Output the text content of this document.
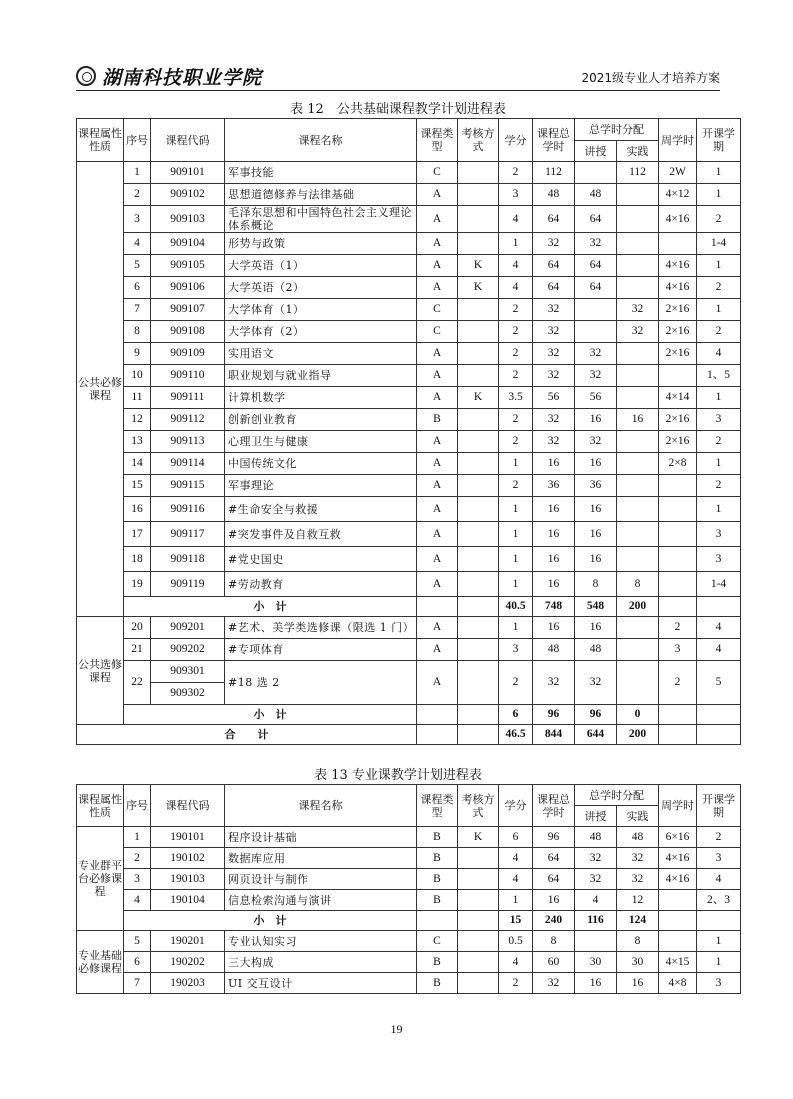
湖南科技职业学院	2021级专业人才培养方案
表 12　公共基础课程教学计划进程表
课程属性性质	序号	课程代码	课程名称	课程类型	考核方式	学分	课程总学时	总学时分配		周学时	开课学期
								讲授	实践		
公共必修课程	1	909101	军事技能	C		2	112		112	2W	1
	2	909102	思想道德修养与法律基础	A		3	48	48		4×12	1
	3	909103	毛泽东思想和中国特色社会主义理论体系概论	A		4	64	64		4×16	2
	4	909104	形势与政策	A		1	32	32			1-4
	5	909105	大学英语（1）	A	K	4	64	64		4×16	1
	6	909106	大学英语（2）	A	K	4	64	64		4×16	2
	7	909107	大学体育（1）	C		2	32		32	2×16	1
	8	909108	大学体育（2）	C		2	32		32	2×16	2
	9	909109	实用语文	A		2	32	32		2×16	4
	10	909110	职业规划与就业指导	A		2	32	32			1、5
	11	909111	计算机数学	A	K	3.5	56	56		4×14	1
	12	909112	创新创业教育	B		2	32	16	16	2×16	3
	13	909113	心理卫生与健康	A		2	32	32		2×16	2
	14	909114	中国传统文化	A		1	16	16		2×8	1
	15	909115	军事理论	A		2	36	36			2
	16	909116	#生命安全与救援	A		1	16	16			1
	17	909117	#突发事件及自救互救	A		1	16	16			3
	18	909118	#党史国史	A		1	16	16			3
	19	909119	#劳动教育	A		1	16	8	8		1-4
	小　计					40.5	748	548	200		
公共选修课程	20	909201	#艺术、美学类选修课（限选 1 门）	A		1	16	16		2	4
	21	909202	#专项体育	A		3	48	48		3	4
	22	909301	#18 选 2	A		2	32	32		2	5
		909302									
	小　计					6	96	96	0		
合　　计						46.5	844	644	200		
表 13 专业课教学计划进程表
课程属性性质	序号	课程代码	课程名称	课程类型	考核方式	学分	课程总学时	总学时分配		周学时	开课学期
								讲授	实践		
专业群平台必修课程	1	190101	程序设计基础	B	K	6	96	48	48	6×16	2
	2	190102	数据库应用	B		4	64	32	32	4×16	3
	3	190103	网页设计与制作	B		4	64	32	32	4×16	4
	4	190104	信息检索沟通与演讲	B		1	16	4	12		2、3
	小　计					15	240	116	124		
专业基础必修课程	5	190201	专业认知实习	C		0.5	8		8		1
	6	190202	三大构成	B		4	60	30	30	4×15	1
	7	190203	UI 交互设计	B		2	32	16	16	4×8	3
19
